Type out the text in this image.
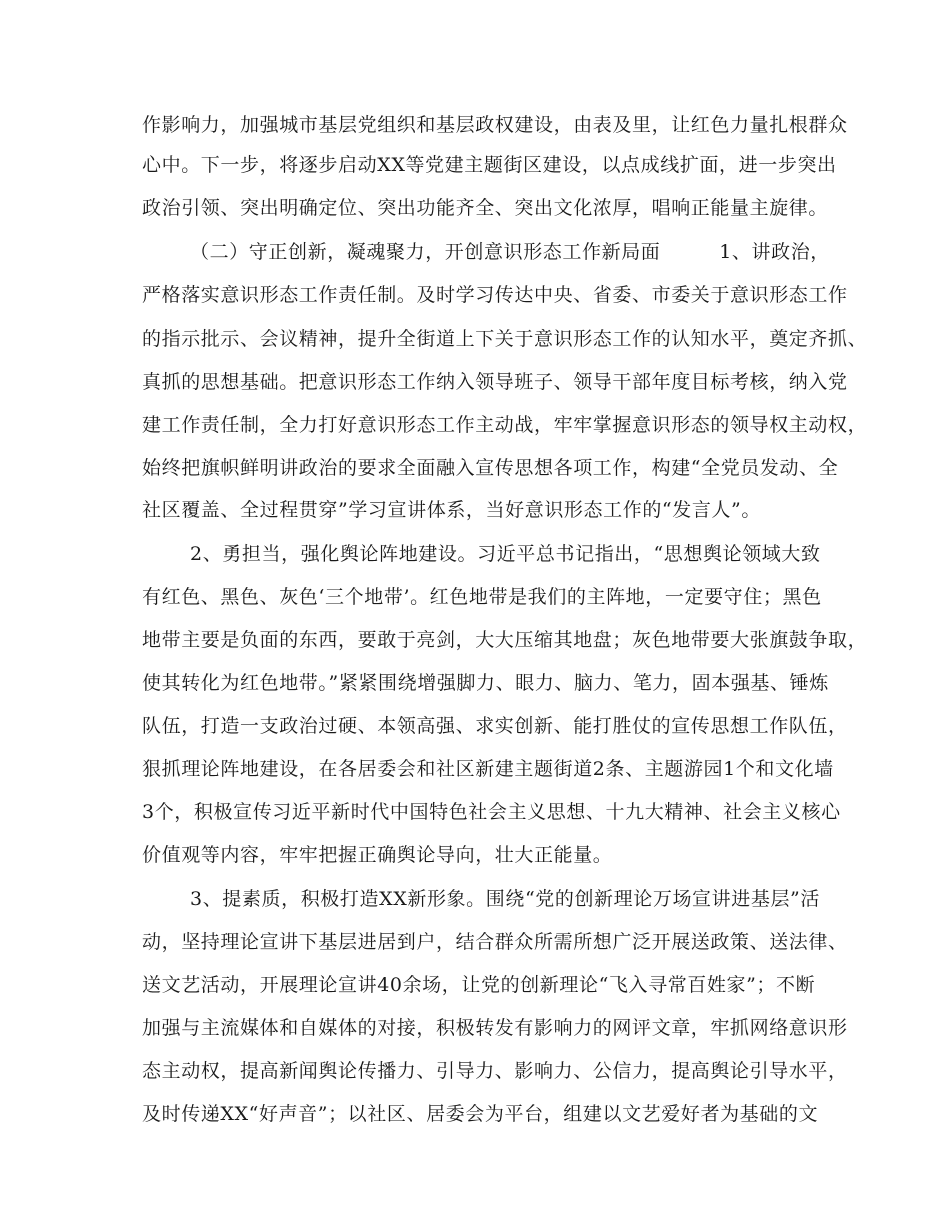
作影响力，加强城市基层党组织和基层政权建设，由表及里，让红色力量扎根群众
心中。下一步，将逐步启动XX等党建主题街区建设，以点成线扩面，进一步突出
政治引领、突出明确定位、突出功能齐全、突出文化浓厚，唱响正能量主旋律。
（二）守正创新，凝魂聚力，开创意识形态工作新局面　　　1、讲政治，
严格落实意识形态工作责任制。及时学习传达中央、省委、市委关于意识形态工作
的指示批示、会议精神，提升全街道上下关于意识形态工作的认知水平，奠定齐抓、
真抓的思想基础。把意识形态工作纳入领导班子、领导干部年度目标考核，纳入党
建工作责任制，全力打好意识形态工作主动战，牢牢掌握意识形态的领导权主动权，
始终把旗帜鲜明讲政治的要求全面融入宣传思想各项工作，构建“全党员发动、全
社区覆盖、全过程贯穿”学习宣讲体系，当好意识形态工作的“发言人”。
2、勇担当，强化舆论阵地建设。习近平总书记指出，“思想舆论领域大致
有红色、黑色、灰色‘三个地带’。红色地带是我们的主阵地，一定要守住；黑色
地带主要是负面的东西，要敢于亮剑，大大压缩其地盘；灰色地带要大张旗鼓争取，
使其转化为红色地带。”紧紧围绕增强脚力、眼力、脑力、笔力，固本强基、锤炼
队伍，打造一支政治过硬、本领高强、求实创新、能打胜仗的宣传思想工作队伍，
狠抓理论阵地建设，在各居委会和社区新建主题街道2条、主题游园1个和文化墙
3个，积极宣传习近平新时代中国特色社会主义思想、十九大精神、社会主义核心
价值观等内容，牢牢把握正确舆论导向，壮大正能量。
3、提素质，积极打造XX新形象。围绕“党的创新理论万场宣讲进基层”活
动，坚持理论宣讲下基层进居到户，结合群众所需所想广泛开展送政策、送法律、
送文艺活动，开展理论宣讲40余场，让党的创新理论“飞入寻常百姓家”；不断
加强与主流媒体和自媒体的对接，积极转发有影响力的网评文章，牢抓网络意识形
态主动权，提高新闻舆论传播力、引导力、影响力、公信力，提高舆论引导水平，
及时传递XX“好声音”；以社区、居委会为平台，组建以文艺爱好者为基础的文
